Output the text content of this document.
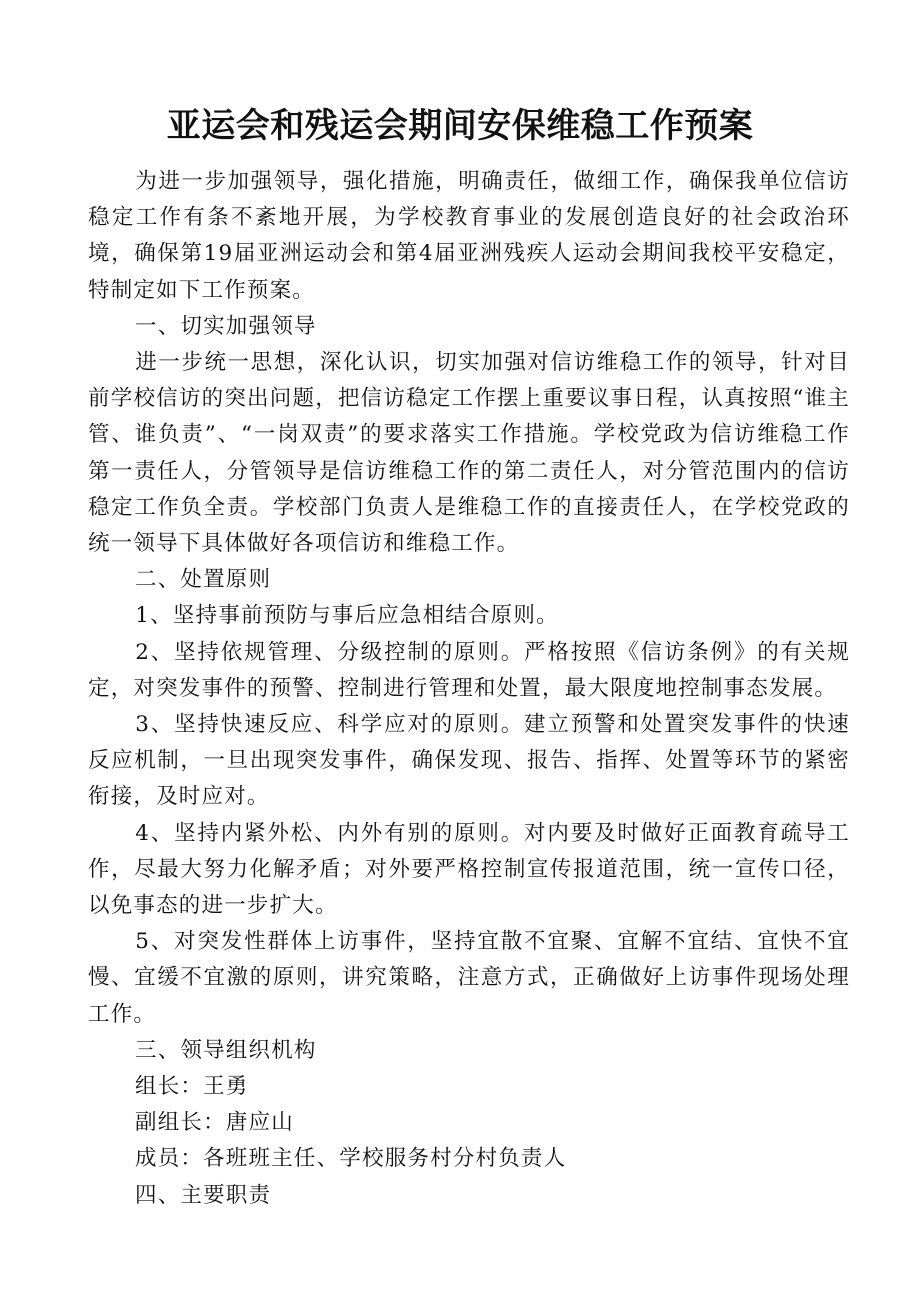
亚运会和残运会期间安保维稳工作预案

为进一步加强领导，强化措施，明确责任，做细工作，确保我单位信访稳定工作有条不紊地开展，为学校教育事业的发展创造良好的社会政治环境，确保第19届亚洲运动会和第4届亚洲残疾人运动会期间我校平安稳定，特制定如下工作预案。

一、切实加强领导

进一步统一思想，深化认识，切实加强对信访维稳工作的领导，针对目前学校信访的突出问题，把信访稳定工作摆上重要议事日程，认真按照“谁主管、谁负责”、“一岗双责”的要求落实工作措施。学校党政为信访维稳工作第一责任人，分管领导是信访维稳工作的第二责任人，对分管范围内的信访稳定工作负全责。学校部门负责人是维稳工作的直接责任人，在学校党政的统一领导下具体做好各项信访和维稳工作。

二、处置原则

1、坚持事前预防与事后应急相结合原则。

2、坚持依规管理、分级控制的原则。严格按照《信访条例》的有关规定，对突发事件的预警、控制进行管理和处置，最大限度地控制事态发展。

3、坚持快速反应、科学应对的原则。建立预警和处置突发事件的快速反应机制，一旦出现突发事件，确保发现、报告、指挥、处置等环节的紧密衔接，及时应对。

4、坚持内紧外松、内外有别的原则。对内要及时做好正面教育疏导工作，尽最大努力化解矛盾；对外要严格控制宣传报道范围，统一宣传口径，以免事态的进一步扩大。

5、对突发性群体上访事件，坚持宜散不宜聚、宜解不宜结、宜快不宜慢、宜缓不宜激的原则，讲究策略，注意方式，正确做好上访事件现场处理工作。

三、领导组织机构

组长：王勇

副组长：唐应山

成员：各班班主任、学校服务村分村负责人

四、主要职责
